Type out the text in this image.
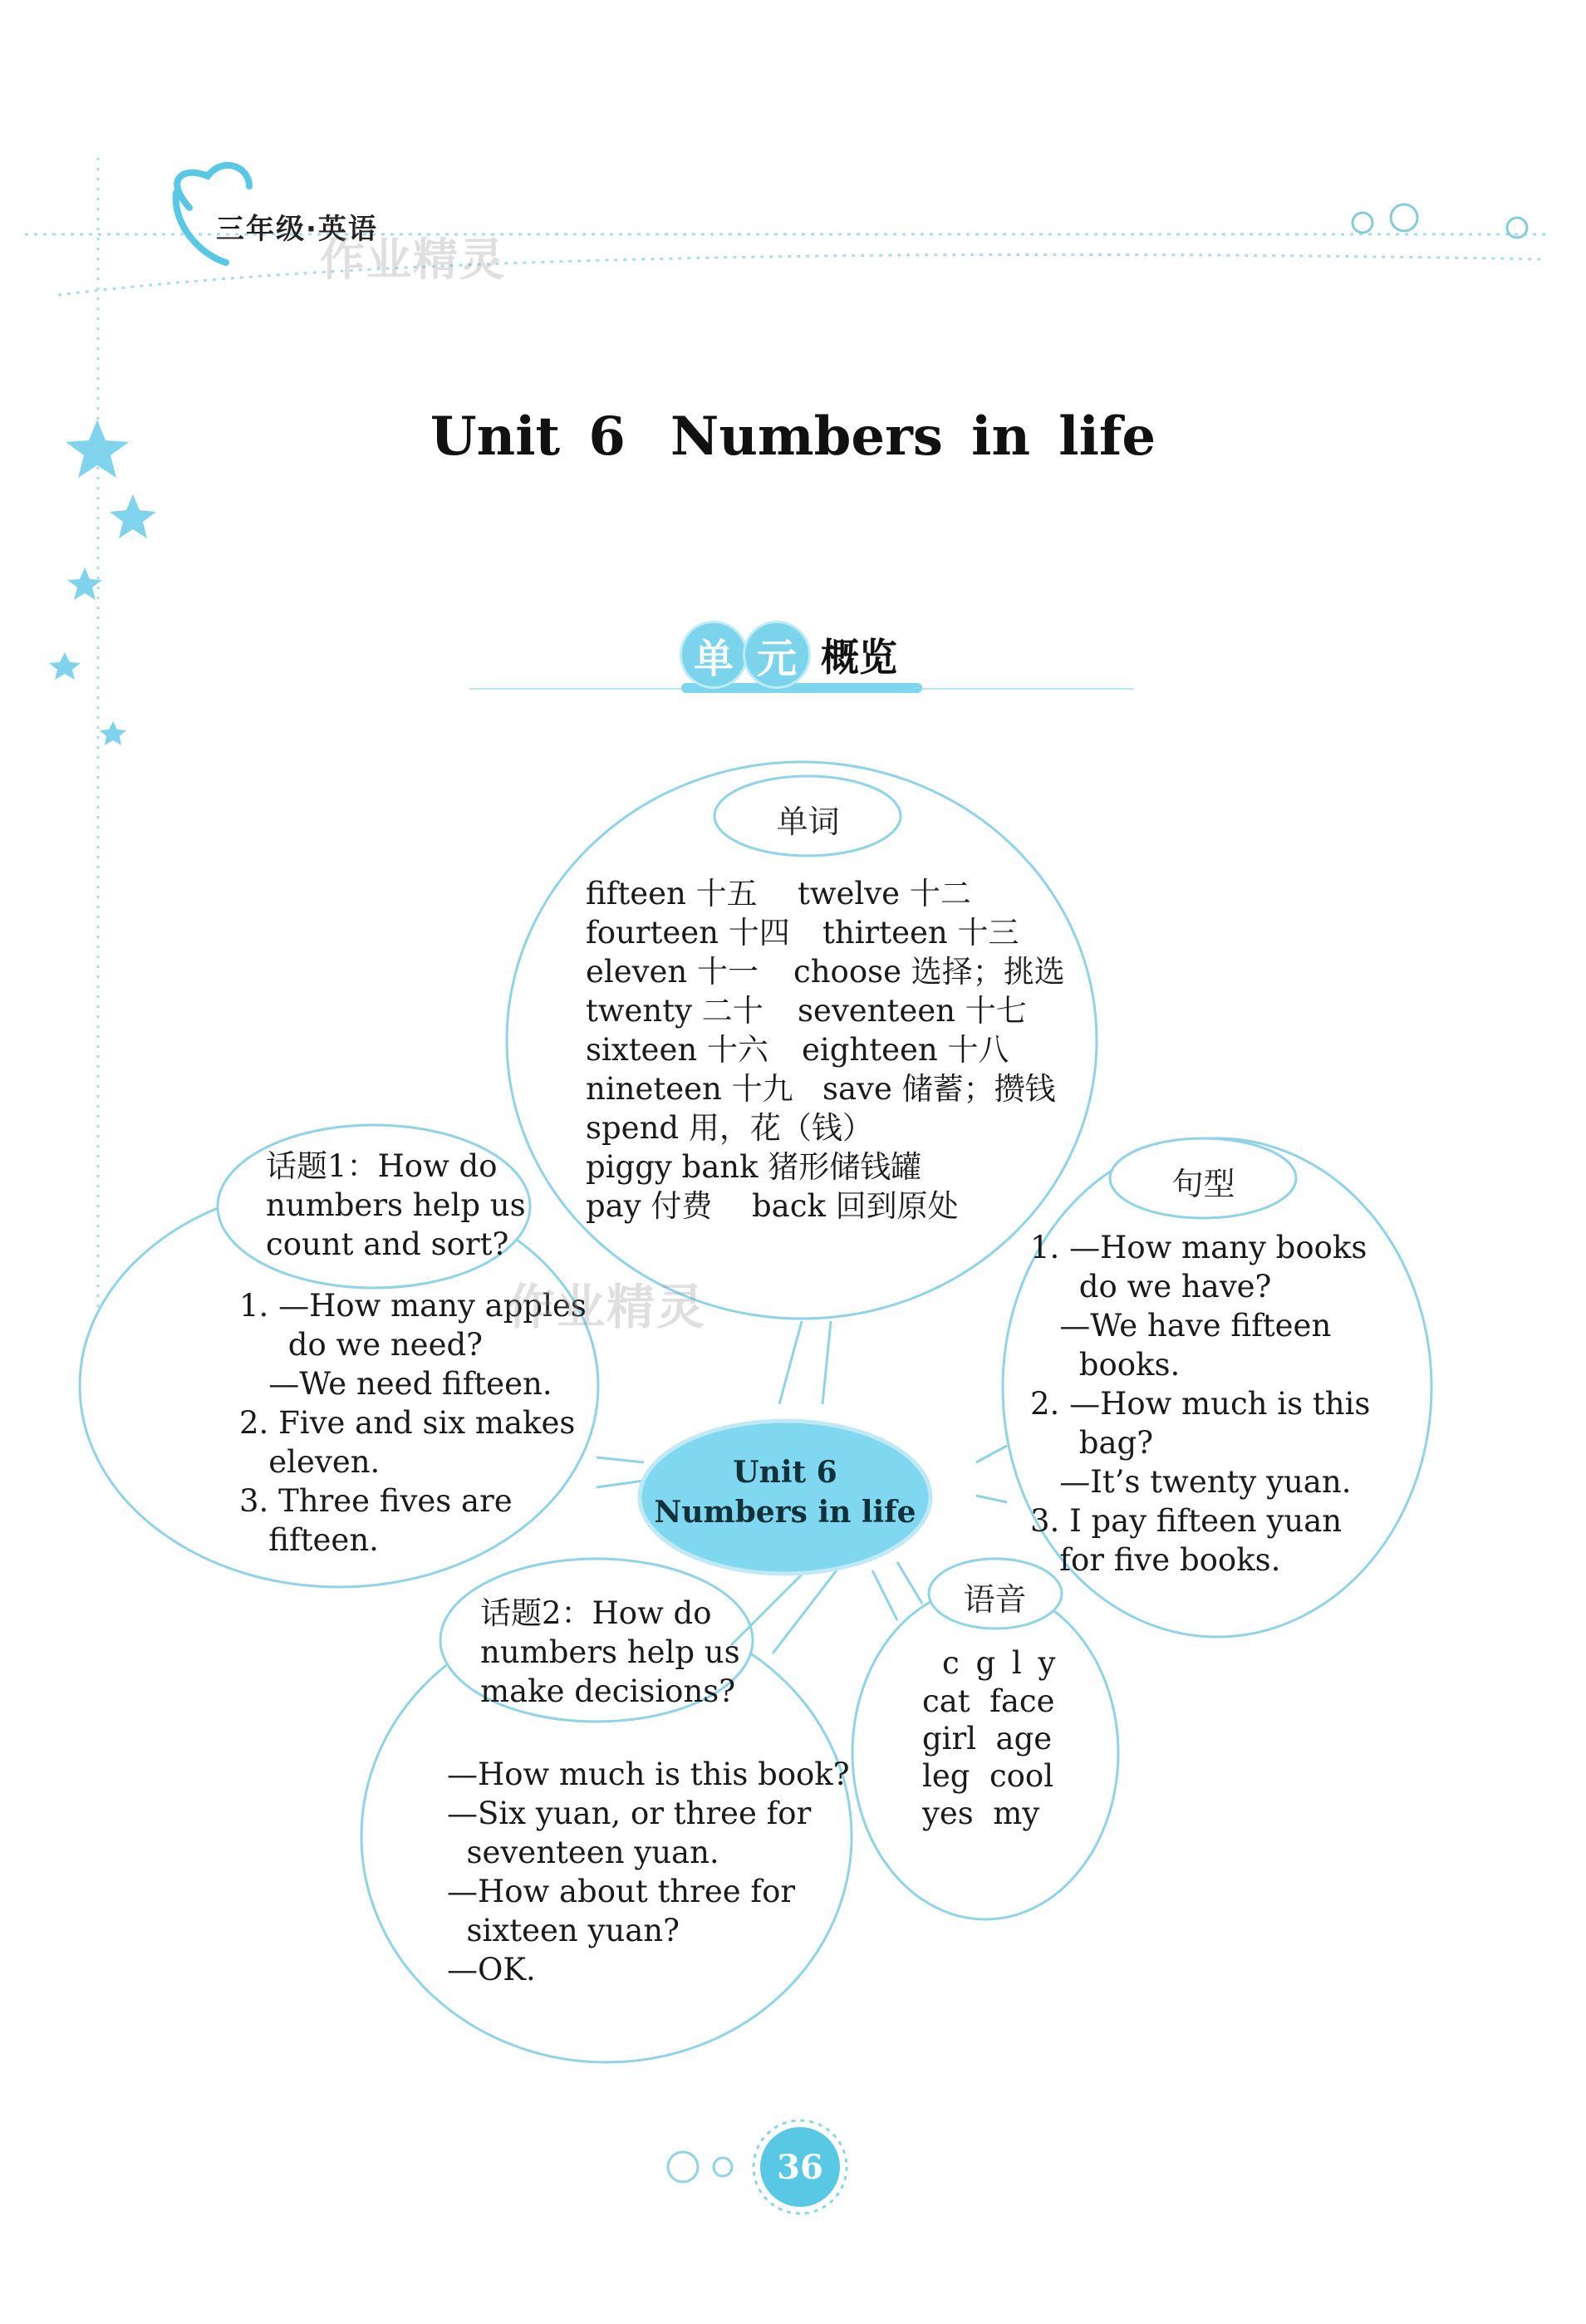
三年级·英语
作业精灵
Unit 6 Numbers in life
单 元 概览
单词
fifteen 十五 twelve 十二
fourteen 十四 thirteen 十三
eleven 十一 choose 选择；挑选
twenty 二十 seventeen 十七
sixteen 十六 eighteen 十八
nineteen 十九 save 储蓄；攒钱
spend 用，花（钱）
piggy bank 猪形储钱罐
pay 付费 back 回到原处
句型
1. —How many books
do we have?
—We have fifteen
books.
2. —How much is this
bag?
—It’s twenty yuan.
3. I pay fifteen yuan
for five books.
话题1：How do
numbers help us
count and sort?
1. —How many apples
do we need?
—We need fifteen.
2. Five and six makes
eleven.
3. Three fives are
fifteen.
作业精灵
Unit 6
Numbers in life
语音
c g l y
cat  face
girl  age
leg  cool
yes  my
话题2：How do
numbers help us
make decisions?
—How much is this book?
—Six yuan, or three for
seventeen yuan.
—How about three for
sixteen yuan?
—OK.
36
